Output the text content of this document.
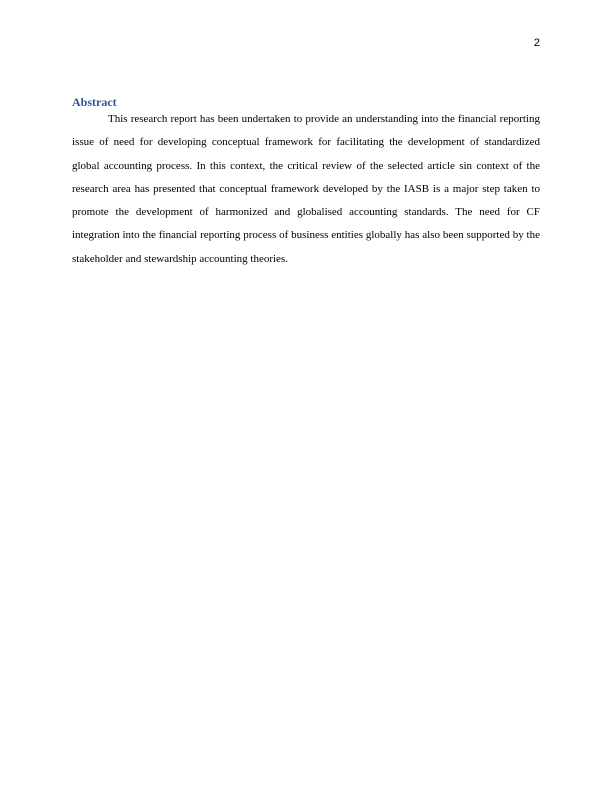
2
Abstract

This research report has been undertaken to provide an understanding into the financial reporting issue of need for developing conceptual framework for facilitating the development of standardized global accounting process. In this context, the critical review of the selected article sin context of the research area has presented that conceptual framework developed by the IASB is a major step taken to promote the development of harmonized and globalised accounting standards. The need for CF integration into the financial reporting process of business entities globally has also been supported by the stakeholder and stewardship accounting theories.
